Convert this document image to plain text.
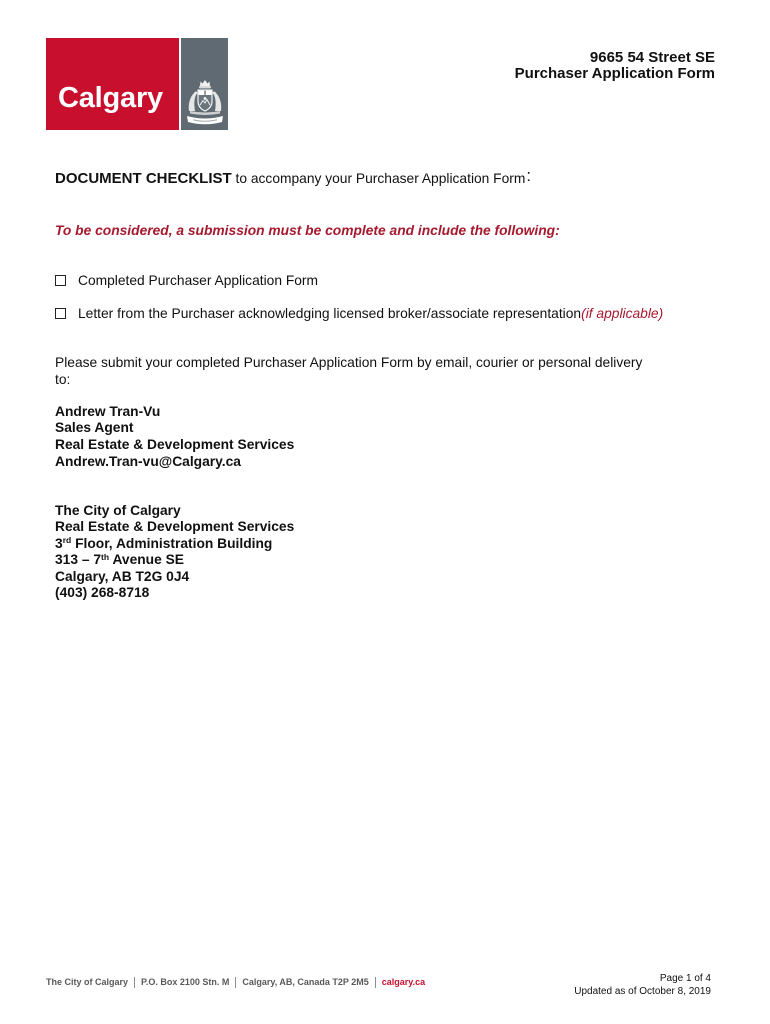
Calgary
9665 54 Street SE
Purchaser Application Form
DOCUMENT CHECKLIST to accompany your Purchaser Application Form:
To be considered, a submission must be complete and include the following:
Completed Purchaser Application Form
Letter from the Purchaser acknowledging licensed broker/associate representation (if applicable)
Please submit your completed Purchaser Application Form by email, courier or personal delivery
to:
Andrew Tran-Vu
Sales Agent
Real Estate & Development Services
Andrew.Tran-vu@Calgary.ca
The City of Calgary
Real Estate & Development Services
3rd Floor, Administration Building
313 – 7th Avenue SE
Calgary, AB T2G 0J4
(403) 268-8718
The City of Calgary P.O. Box 2100 Stn. M Calgary, AB, Canada T2P 2M5 calgary.ca	Page 1 of 4
Updated as of October 8, 2019
